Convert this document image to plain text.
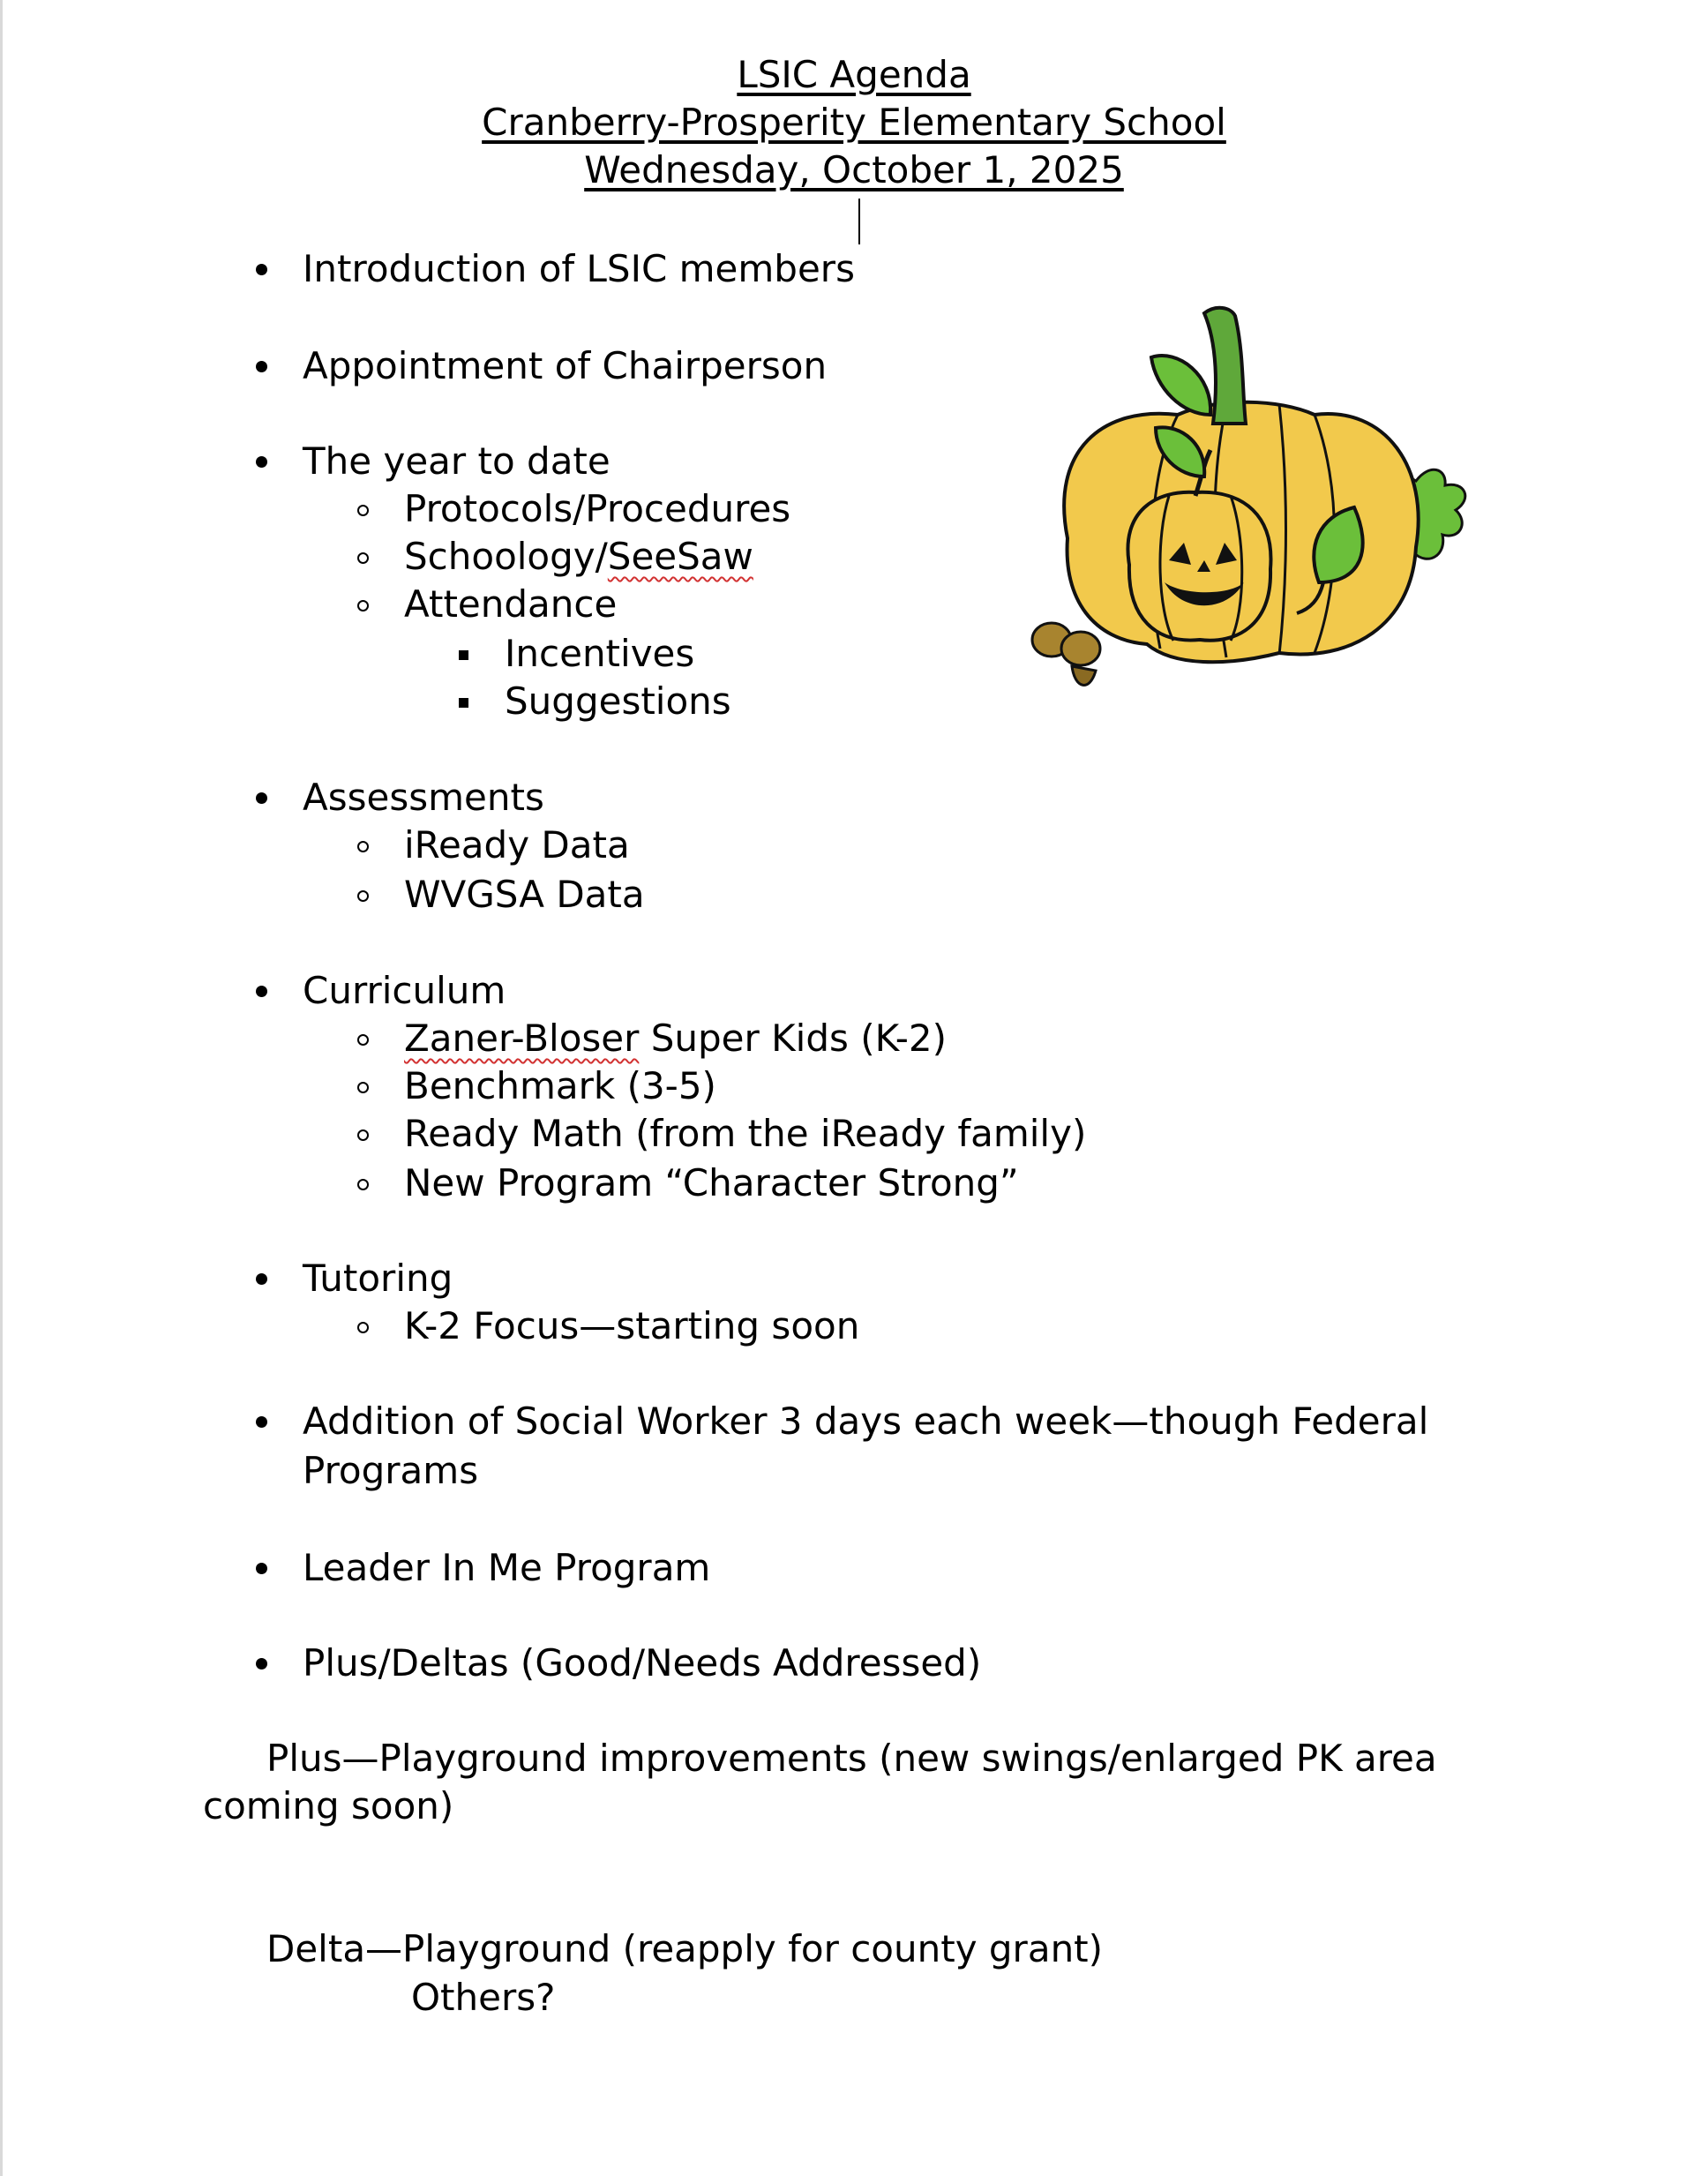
LSIC Agenda
Cranberry-Prosperity Elementary School
Wednesday, October 1, 2025
Introduction of LSIC members
Appointment of Chairperson
The year to date
Protocols/Procedures
Schoology/SeeSaw
Attendance
Incentives
Suggestions
Assessments
iReady Data
WVGSA Data
Curriculum
Zaner-Bloser Super Kids (K-2)
Benchmark (3-5)
Ready Math (from the iReady family)
New Program “Character Strong”
Tutoring
K-2 Focus—starting soon
Addition of Social Worker 3 days each week—though Federal
Programs
Leader In Me Program
Plus/Deltas (Good/Needs Addressed)
Plus—Playground improvements (new swings/enlarged PK area
coming soon)
Delta—Playground (reapply for county grant)
Others?
